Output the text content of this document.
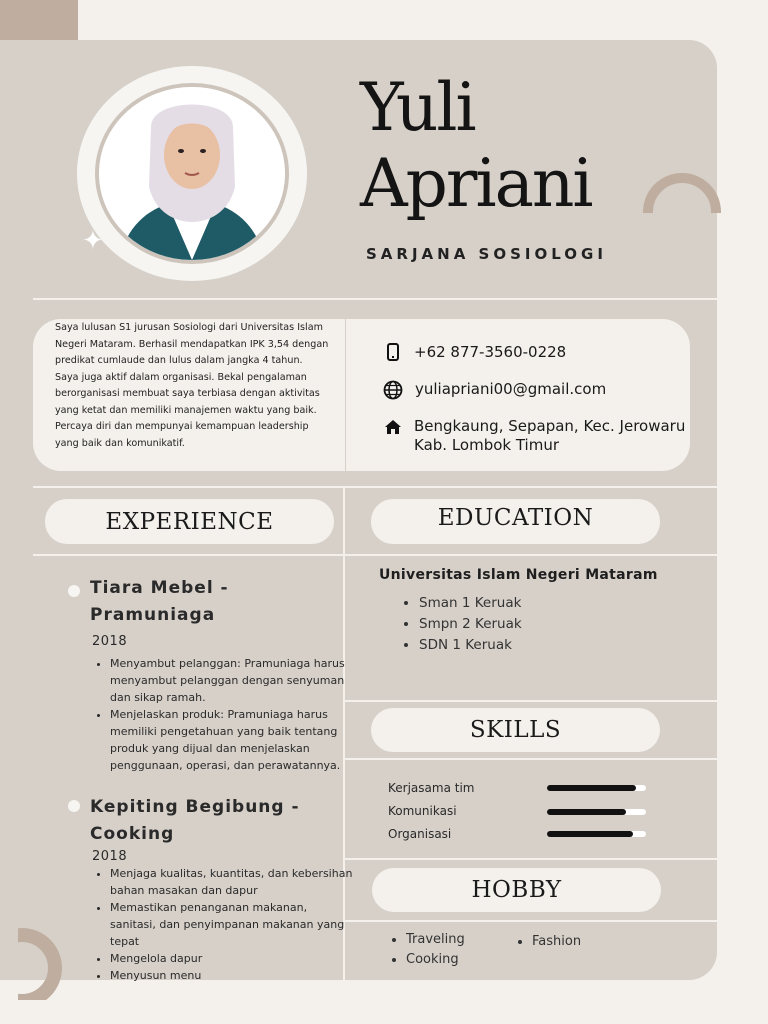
✦
Yuli
Apriani
SARJANA SOSIOLOGI
Saya lulusan S1 jurusan Sosiologi dari Universitas Islam Negeri Mataram. Berhasil mendapatkan IPK 3,54 dengan predikat cumlaude dan lulus dalam jangka 4 tahun.
Saya juga aktif dalam organisasi. Bekal pengalaman berorganisasi membuat saya terbiasa dengan aktivitas yang ketat dan memiliki manajemen waktu yang baik. Percaya diri dan mempunyai kemampuan leadership yang baik dan komunikatif.
+62 877-3560-0228
yuliapriani00@gmail.com
Bengkaung, Sepapan, Kec. Jerowaru
Kab. Lombok Timur
EXPERIENCE	EDUCATION
SKILLS
HOBBY
Tiara Mebel - Pramuniaga
2018
• Menyambut pelanggan: Pramuniaga harus menyambut pelanggan dengan senyuman dan sikap ramah.
• Menjelaskan produk: Pramuniaga harus memiliki pengetahuan yang baik tentang produk yang dijual dan menjelaskan penggunaan, operasi, dan perawatannya.
Kepiting Begibung - Cooking
2018
• Menjaga kualitas, kuantitas, dan kebersihan bahan masakan dan dapur
• Memastikan penanganan makanan, sanitasi, dan penyimpanan makanan yang tepat
• Mengelola dapur
• Menyusun menu
Universitas Islam Negeri Mataram
• Sman 1 Keruak
• Smpn 2 Keruak
• SDN 1 Keruak
Kerjasama tim
Komunikasi
Organisasi
• Traveling
• Cooking
• Fashion
